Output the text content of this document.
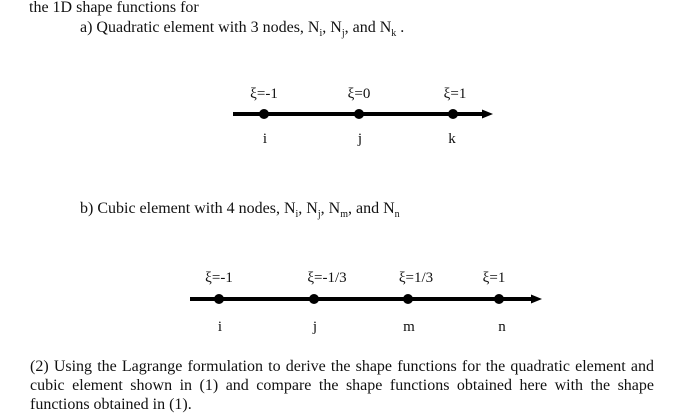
the 1D shape functions for
a) Quadratic element with 3 nodes, $N_i$, $N_j$, and $N_k$ .
ξ=-1
i
ξ=0
j
ξ=1
k
b) Cubic element with 4 nodes, $N_i$, $N_j$, $N_m$, and $N_n$
ξ=-1
i
ξ=-1/3
j
ξ=1/3
m
ξ=1
n
(2) Using the Lagrange formulation to derive the shape functions for the quadratic element and cubic element shown in (1) and compare the shape functions obtained here with the shape functions obtained in (1).
